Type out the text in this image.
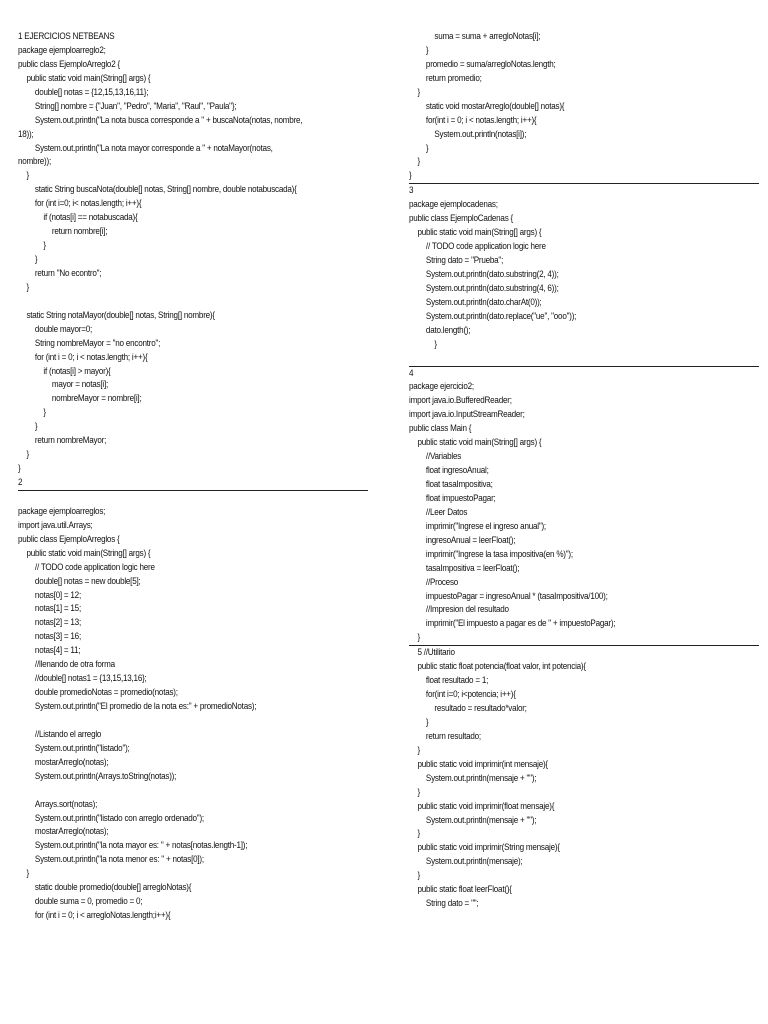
1 EJERCICIOS NETBEANS
package ejemploarreglo2;
public class EjemploArreglo2 {
public static void main(String[] args) {
double[] notas = {12,15,13,16,11};
String[] nombre = {"Juan", "Pedro", "Maria", "Raul", "Paula"};
System.out.println("La nota busca corresponde a " + buscaNota(notas, nombre,
18));
System.out.println("La nota mayor corresponde a " + notaMayor(notas,
nombre));
}
static String buscaNota(double[] notas, String[] nombre, double notabuscada){
for (int i=0; i< notas.length; i++){
if (notas[i] == notabuscada){
return nombre[i];
}
}
return "No econtro";
}
static String notaMayor(double[] notas, String[] nombre){
double mayor=0;
String nombreMayor = "no encontro";
for (int i = 0; i < notas.length; i++){
if (notas[i] > mayor){
mayor = notas[i];
nombreMayor = nombre[i];
}
}
return nombreMayor;
}
}
2
package ejemploarreglos;
import java.util.Arrays;
public class EjemploArreglos {
public static void main(String[] args) {
// TODO code application logic here
double[] notas = new double[5];
notas[0] = 12;
notas[1] = 15;
notas[2] = 13;
notas[3] = 16;
notas[4] = 11;
//llenando de otra forma
//double[] notas1 = {13,15,13,16};
double promedioNotas = promedio(notas);
System.out.println("El promedio de la nota es:" + promedioNotas);
//Listando el arreglo
System.out.println("listado");
mostarArreglo(notas);
System.out.println(Arrays.toString(notas));
Arrays.sort(notas);
System.out.println("listado con arreglo ordenado");
mostarArreglo(notas);
System.out.println("la nota mayor es: " + notas[notas.length-1]);
System.out.println("la nota menor es: " + notas[0]);
}
static double promedio(double[] arregloNotas){
double suma = 0, promedio = 0;
for (int i = 0; i < arregloNotas.length;i++){
suma = suma + arregloNotas[i];
}
promedio = suma/arregloNotas.length;
return promedio;
}
static void mostarArreglo(double[] notas){
for(int i = 0; i < notas.length; i++){
System.out.println(notas[i]);
}
}
}
3
package ejemplocadenas;
public class EjemploCadenas {
public static void main(String[] args) {
// TODO code application logic here
String dato = "Prueba";
System.out.println(dato.substring(2, 4));
System.out.println(dato.substring(4, 6));
System.out.println(dato.charAt(0));
System.out.println(dato.replace("ue", "ooo"));
dato.length();
}
4
package ejercicio2;
import java.io.BufferedReader;
import java.io.InputStreamReader;
public class Main {
public static void main(String[] args) {
//Variables
float ingresoAnual;
float tasaImpositiva;
float impuestoPagar;
//Leer Datos
imprimir("Ingrese el ingreso anual");
ingresoAnual = leerFloat();
imprimir("Ingrese la tasa impositiva(en %)");
tasaImpositiva = leerFloat();
//Proceso
impuestoPagar = ingresoAnual * (tasaImpositiva/100);
//Impresion del resultado
imprimir("El impuesto a pagar es de " + impuestoPagar);
}
5 //Utilitario
public static float potencia(float valor, int potencia){
float resultado = 1;
for(int i=0; i<potencia; i++){
resultado = resultado*valor;
}
return resultado;
}
public static void imprimir(int mensaje){
System.out.println(mensaje + "");
}
public static void imprimir(float mensaje){
System.out.println(mensaje + "");
}
public static void imprimir(String mensaje){
System.out.println(mensaje);
}
public static float leerFloat(){
String dato = "";
